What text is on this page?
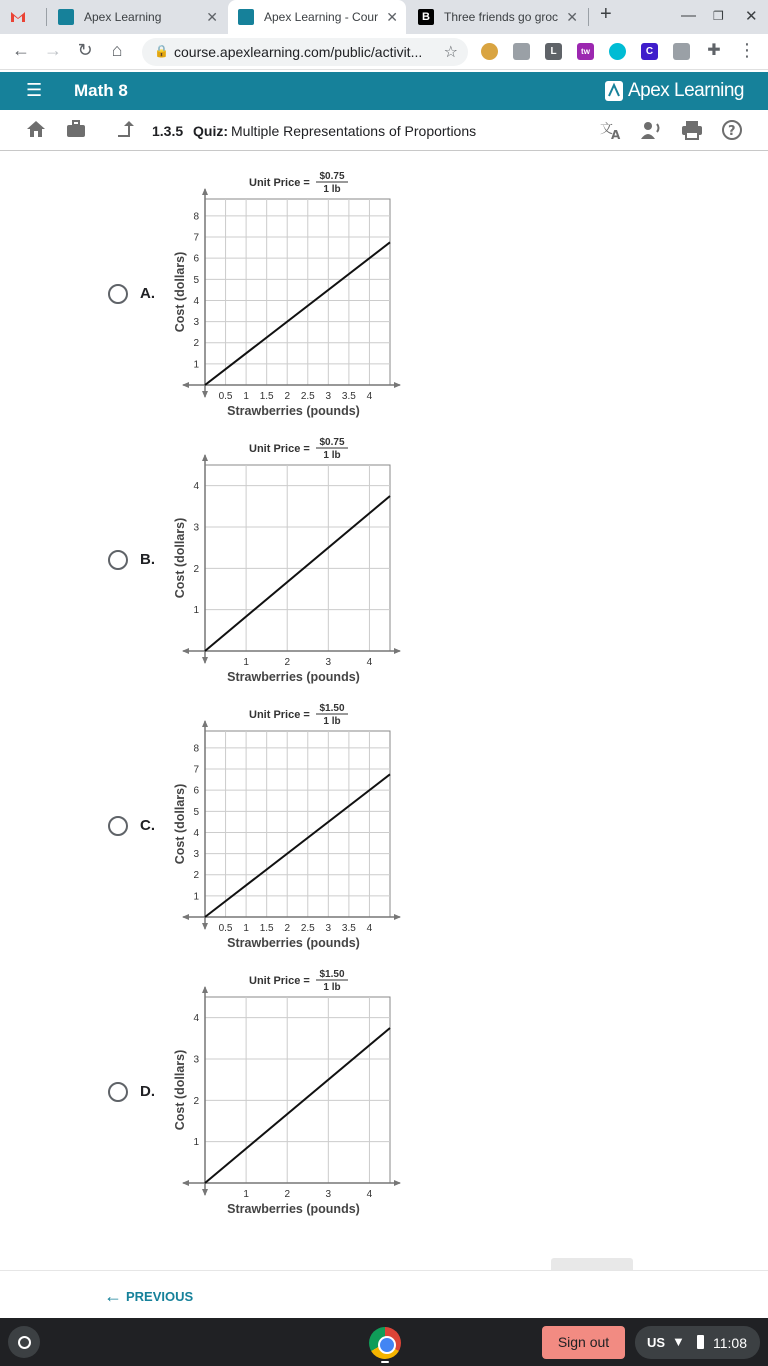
Apex Learning	✕	Apex Learning - Cour ✕	B	Three friends go groc ✕ +	— ❐ ✕
← → ↻	⌂	🔒 course.apexlearning.com/public/activit...	☆	L	tw	C	✚ ⋮
☰ Math 8	Apex Learning
1.3.5 Quiz: Multiple Representations of Proportions	文
A	?
A.
Unit Price =
$0.75
1 lb
0.5 1 1.5 2 2.5 3 3.5 4
1
2
3
4
5
6
7
8
Strawberries (pounds)
Cost (dollars)
B.
Unit Price =
$0.75
1 lb
1	2	3	4
1
2
3
4
Strawberries (pounds)
Cost (dollars)
C.
Unit Price =
$1.50
1 lb
0.5 1 1.5 2 2.5 3 3.5 4
1
2
3
4
5
6
7
8
Strawberries (pounds)
Cost (dollars)
D.
Unit Price =
$1.50
1 lb
1	2	3	4
1
2
3
4
Strawberries (pounds)
Cost (dollars)
← PREVIOUS
Sign out	US ▼ 11:08
